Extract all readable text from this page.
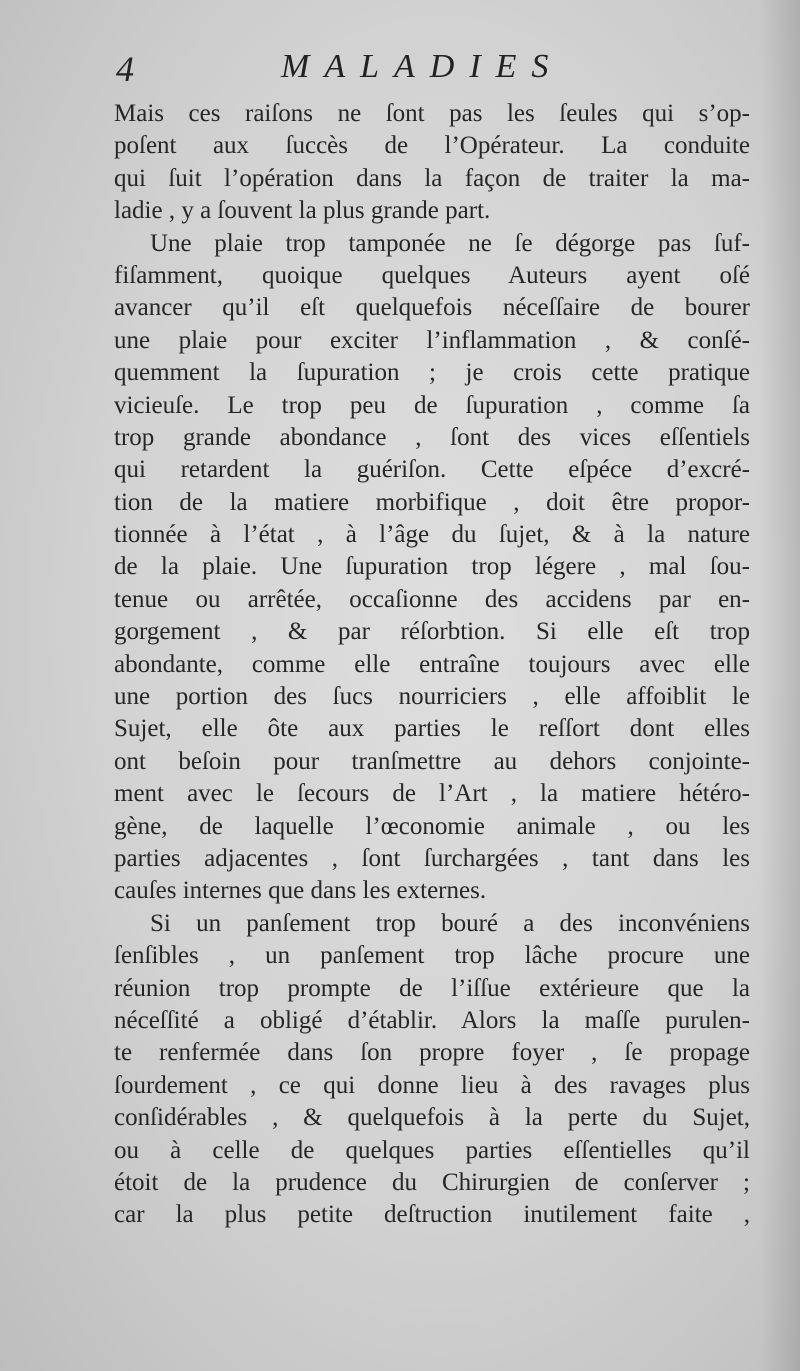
4	MALADIES
Mais ces raiſons ne ſont pas les ſeules qui s’op-
poſent aux ſuccès de l’Opérateur. La conduite
qui ſuit l’opération dans la façon de traiter la ma-
ladie , y a ſouvent la plus grande part.
Une plaie trop tamponée ne ſe dégorge pas ſuf-
fiſamment, quoique quelques Auteurs ayent oſé
avancer qu’il eſt quelquefois néceſſaire de bourer
une plaie pour exciter l’inflammation , & conſé-
quemment la ſupuration ; je crois cette pratique
vicieuſe. Le trop peu de ſupuration , comme ſa
trop grande abondance , ſont des vices eſſentiels
qui retardent la guériſon. Cette eſpéce d’excré-
tion de la matiere morbifique , doit être propor-
tionnée à l’état , à l’âge du ſujet, & à la nature
de la plaie. Une ſupuration trop légere , mal ſou-
tenue ou arrêtée, occaſionne des accidens par en-
gorgement , & par réſorbtion. Si elle eſt trop
abondante, comme elle entraîne toujours avec elle
une portion des ſucs nourriciers , elle affoiblit le
Sujet, elle ôte aux parties le reſſort dont elles
ont beſoin pour tranſmettre au dehors conjointe-
ment avec le ſecours de l’Art , la matiere hétéro-
gène, de laquelle l’œconomie animale , ou les
parties adjacentes , ſont ſurchargées , tant dans les
cauſes internes que dans les externes.
Si un panſement trop bouré a des inconvéniens
ſenſibles , un panſement trop lâche procure une
réunion trop prompte de l’iſſue extérieure que la
néceſſité a obligé d’établir. Alors la maſſe purulen-
te renfermée dans ſon propre foyer , ſe propage
ſourdement , ce qui donne lieu à des ravages plus
conſidérables , & quelquefois à la perte du Sujet,
ou à celle de quelques parties eſſentielles qu’il
étoit de la prudence du Chirurgien de conſerver ;
car la plus petite deſtruction inutilement faite ,
